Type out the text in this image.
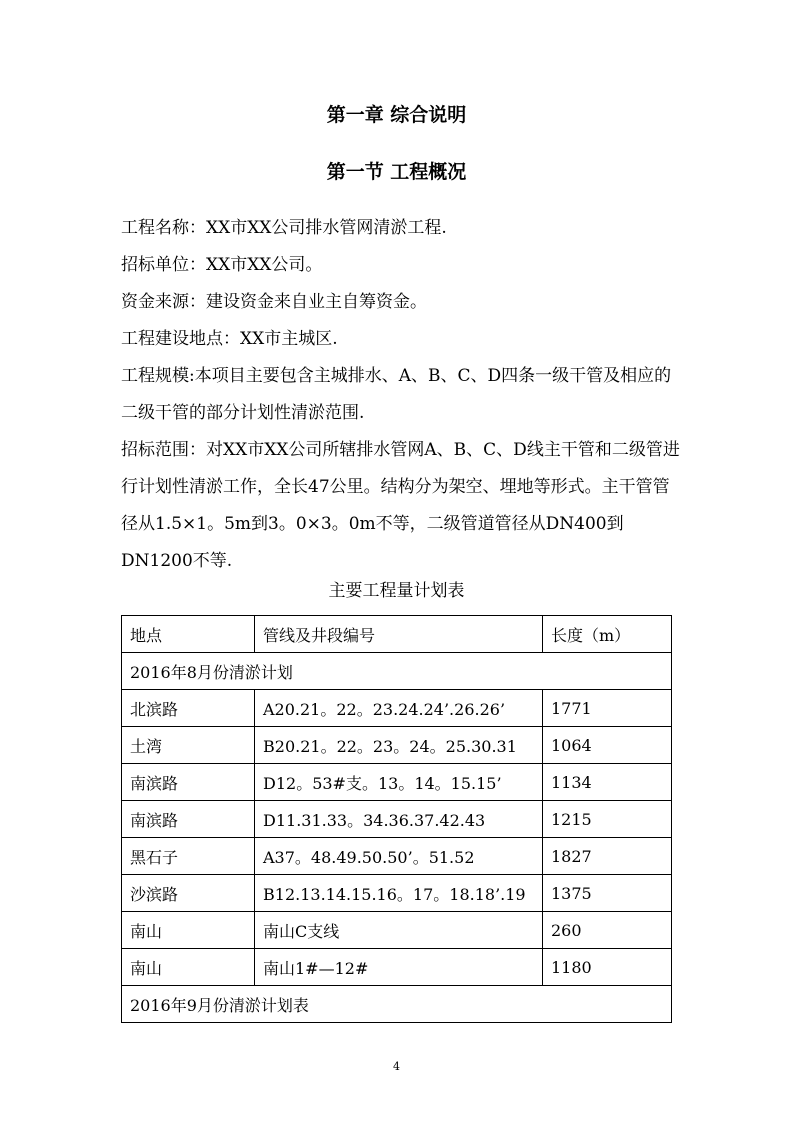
第一章 综合说明
第一节 工程概况

工程名称：XX市XX公司排水管网清淤工程.

招标单位：XX市XX公司。

资金来源：建设资金来自业主自筹资金。

工程建设地点：XX市主城区.

工程规模:本项目主要包含主城排水、A、B、C、D四条一级干管及相应的二级干管的部分计划性清淤范围.

招标范围：对XX市XX公司所辖排水管网A、B、C、D线主干管和二级管进行计划性清淤工作，全长47公里。结构分为架空、埋地等形式。主干管管径从1.5×1。5m到3。0×3。0m不等，二级管道管径从DN400到DN1200不等.

主要工程量计划表
地点	管线及井段编号	长度（m）
2016年8月份清淤计划		
北滨路	A20.21。22。23.24.24’.26.26’	1771
土湾	B20.21。22。23。24。25.30.31	1064
南滨路	D12。53#支。13。14。15.15’	1134
南滨路	D11.31.33。34.36.37.42.43	1215
黑石子	A37。48.49.50.50’。51.52	1827
沙滨路	B12.13.14.15.16。17。18.18’.19	1375
南山	南山C支线	260
南山	南山1#—12#	1180
2016年9月份清淤计划表		
4
